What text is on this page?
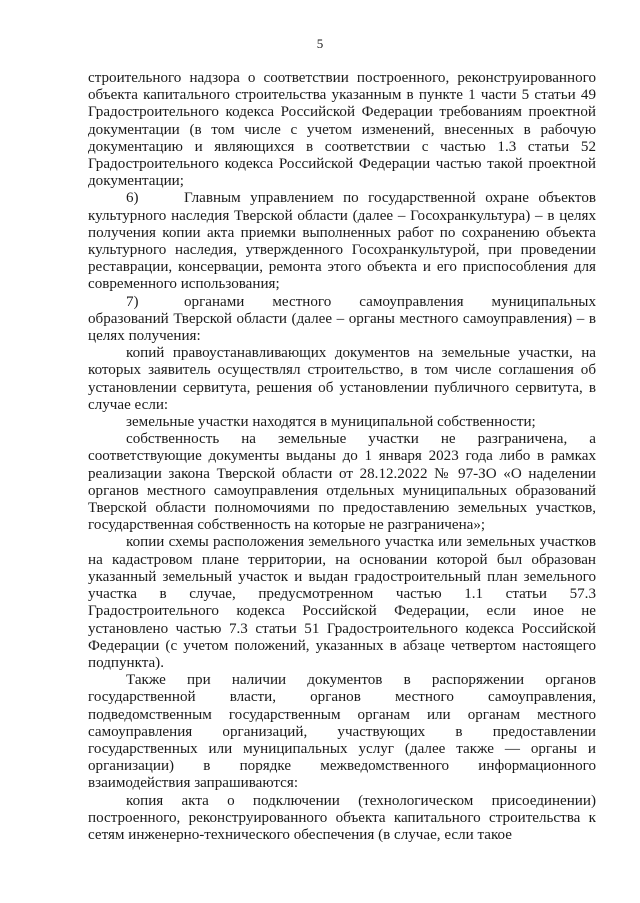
5

строительного надзора о соответствии построенного, реконструированного объекта капитального строительства указанным в пункте 1 части 5 статьи 49 Градостроительного кодекса Российской Федерации требованиям проектной документации (в том числе с учетом изменений, внесенных в рабочую документацию и являющихся в соответствии с частью 1.3 статьи 52 Градостроительного кодекса Российской Федерации частью такой проектной документации;

6)	Главным управлением по государственной охране объектов культурного наследия Тверской области (далее – Госохранкультура) – в целях получения копии акта приемки выполненных работ по сохранению объекта культурного наследия, утвержденного Госохранкультурой, при проведении реставрации, консервации, ремонта этого объекта и его приспособления для современного использования;

7)	органами местного самоуправления муниципальных образований Тверской области (далее – органы местного самоуправления) – в целях получения:

копий правоустанавливающих документов на земельные участки, на которых заявитель осуществлял строительство, в том числе соглашения об установлении сервитута, решения об установлении публичного сервитута, в случае если:

земельные участки находятся в муниципальной собственности;

собственность на земельные участки не разграничена, а соответствующие документы выданы до 1 января 2023 года либо в рамках реализации закона Тверской области от 28.12.2022 № 97-ЗО «О наделении органов местного самоуправления отдельных муниципальных образований Тверской области полномочиями по предоставлению земельных участков, государственная собственность на которые не разграничена»;

копии схемы расположения земельного участка или земельных участков на кадастровом плане территории, на основании которой был образован указанный земельный участок и выдан градостроительный план земельного участка в случае, предусмотренном частью 1.1 статьи 57.3 Градостроительного кодекса Российской Федерации, если иное не установлено частью 7.3 статьи 51 Градостроительного кодекса Российской Федерации (с учетом положений, указанных в абзаце четвертом настоящего подпункта).

Также при наличии документов в распоряжении органов государственной власти, органов местного самоуправления, подведомственным государственным органам или органам местного самоуправления организаций, участвующих в предоставлении государственных или муниципальных услуг (далее также — органы и организации) в порядке межведомственного информационного взаимодействия запрашиваются:

копия акта о подключении (технологическом присоединении) построенного, реконструированного объекта капитального строительства к сетям инженерно-технического обеспечения (в случае, если такое
